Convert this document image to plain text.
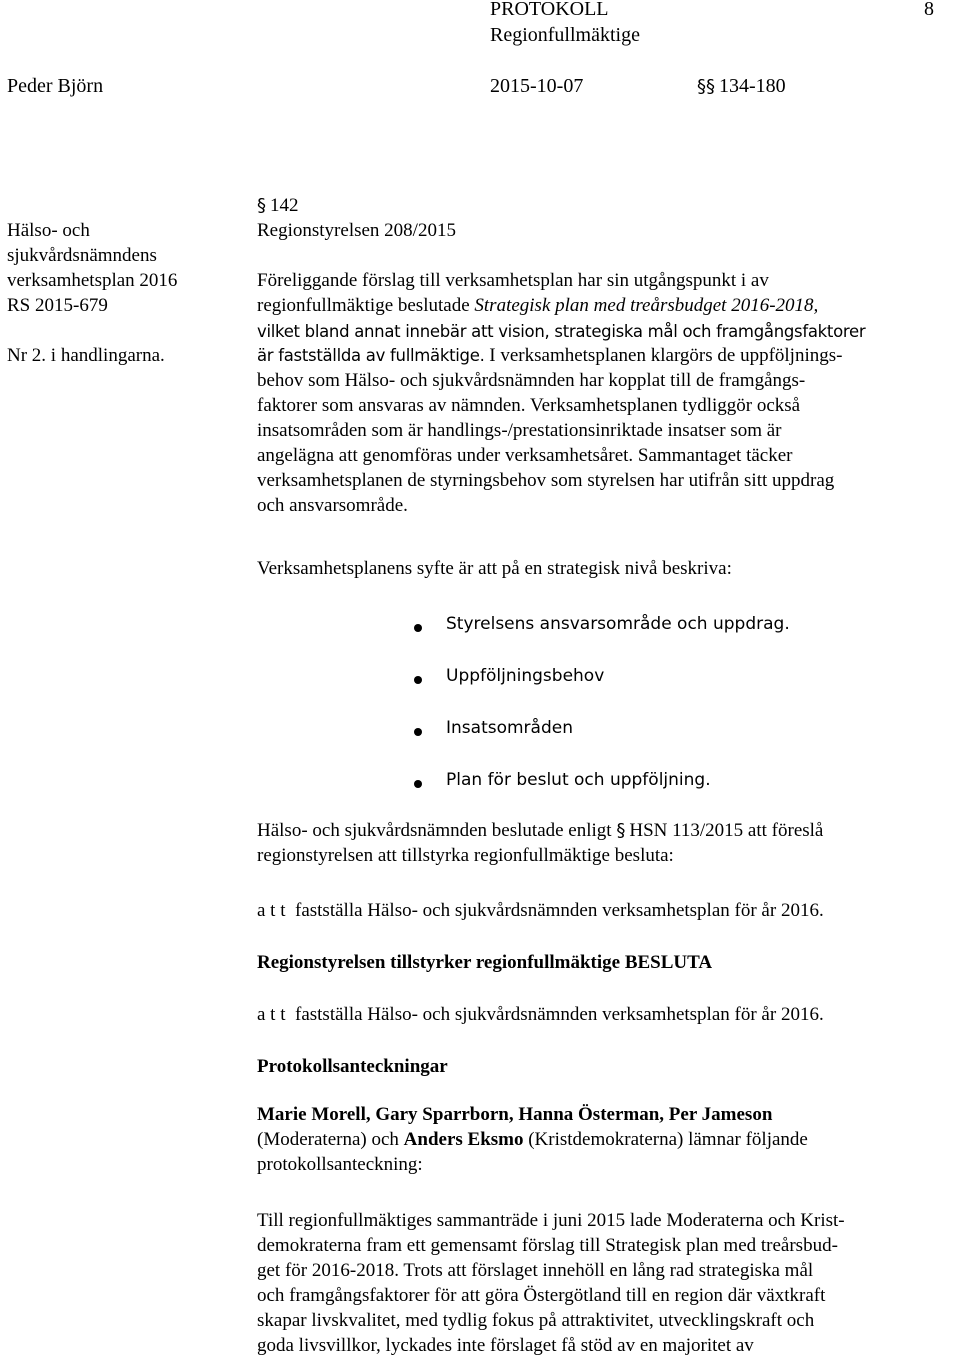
PROTOKOLL	8
Regionfullmäktige
Peder Björn	2015-10-07	§§ 134-180
Hälso- och
sjukvårdsnämndens
verksamhetsplan 2016
RS 2015-679
Nr 2. i handlingarna.
§ 142
Regionstyrelsen 208/2015
Föreliggande förslag till verksamhetsplan har sin utgångspunkt i av
regionfullmäktige beslutade Strategisk plan med treårsbudget 2016-2018,
vilket bland annat innebär att vision, strategiska mål och framgångsfaktorer
är fastställda av fullmäktige. I verksamhetsplanen klargörs de uppföljnings-
behov som Hälso- och sjukvårdsnämnden har kopplat till de framgångs-
faktorer som ansvaras av nämnden. Verksamhetsplanen tydliggör också
insatsområden som är handlings-/prestationsinriktade insatser som är
angelägna att genomföras under verksamhetsåret. Sammantaget täcker
verksamhetsplanen de styrningsbehov som styrelsen har utifrån sitt uppdrag
och ansvarsområde.
Verksamhetsplanens syfte är att på en strategisk nivå beskriva:
Styrelsens ansvarsområde och uppdrag.
Uppföljningsbehov
Insatsområden
Plan för beslut och uppföljning.
Hälso- och sjukvårdsnämnden beslutade enligt § HSN 113/2015 att föreslå
regionstyrelsen att tillstyrka regionfullmäktige besluta:
a t t fastställa Hälso- och sjukvårdsnämnden verksamhetsplan för år 2016.
Regionstyrelsen tillstyrker regionfullmäktige BESLUTA
a t t fastställa Hälso- och sjukvårdsnämnden verksamhetsplan för år 2016.
Protokollsanteckningar
Marie Morell, Gary Sparrborn, Hanna Österman, Per Jameson
(Moderaterna) och Anders Eksmo (Kristdemokraterna) lämnar följande
protokollsanteckning:
Till regionfullmäktiges sammanträde i juni 2015 lade Moderaterna och Krist-
demokraterna fram ett gemensamt förslag till Strategisk plan med treårsbud-
get för 2016-2018. Trots att förslaget innehöll en lång rad strategiska mål
och framgångsfaktorer för att göra Östergötland till en region där växtkraft
skapar livskvalitet, med tydlig fokus på attraktivitet, utvecklingskraft och
goda livsvillkor, lyckades inte förslaget få stöd av en majoritet av
